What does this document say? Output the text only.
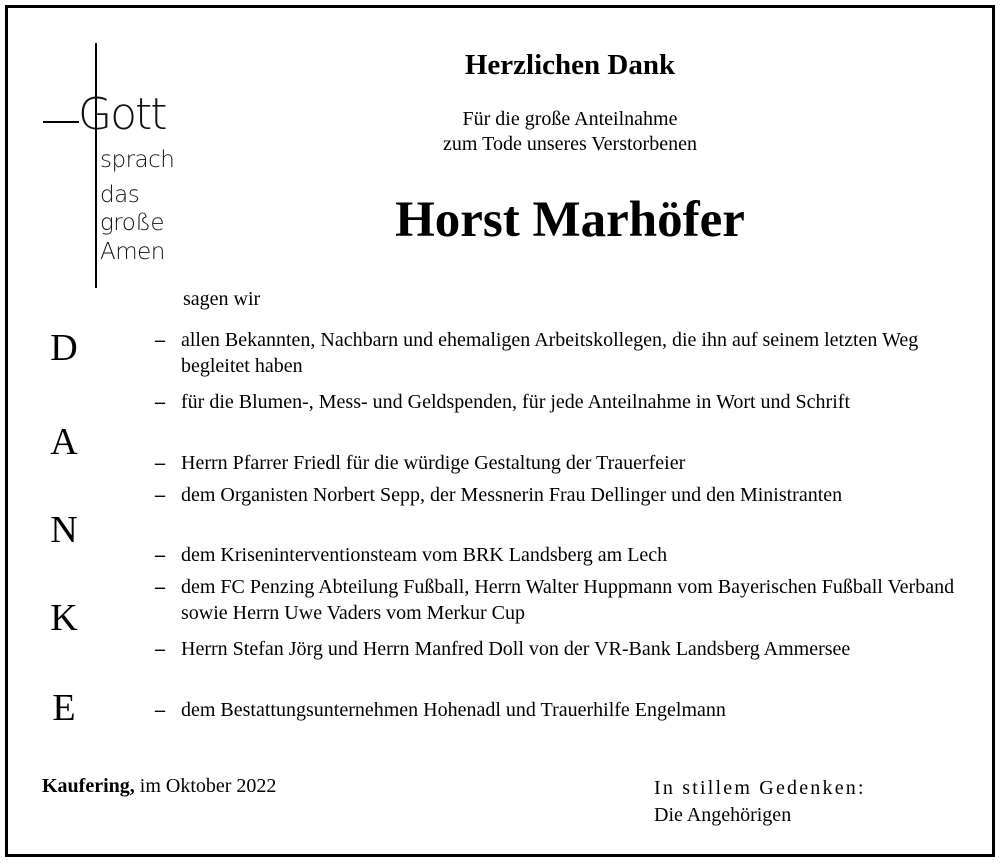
Gott
sprach
das
große
Amen
Herzlichen Dank
Für die große Anteilnahme
zum Tode unseres Verstorbenen
Horst Marhöfer
sagen wir
D
A
N
K
E
– allen Bekannten, Nachbarn und ehemaligen Arbeitskollegen, die ihn auf seinem letzten Weg begleitet haben
– für die Blumen-, Mess- und Geldspenden, für jede Anteilnahme in Wort und Schrift
– Herrn Pfarrer Friedl für die würdige Gestaltung der Trauerfeier
– dem Organisten Norbert Sepp, der Messnerin Frau Dellinger und den Ministranten
– dem Kriseninterventionsteam vom BRK Landsberg am Lech
– dem FC Penzing Abteilung Fußball, Herrn Walter Huppmann vom Bayerischen Fußball Verband sowie Herrn Uwe Vaders vom Merkur Cup
– Herrn Stefan Jörg und Herrn Manfred Doll von der VR-Bank Landsberg Ammersee
– dem Bestattungsunternehmen Hohenadl und Trauerhilfe Engelmann
Kaufering, im Oktober 2022	In stillem Gedenken:
Die Angehörigen
